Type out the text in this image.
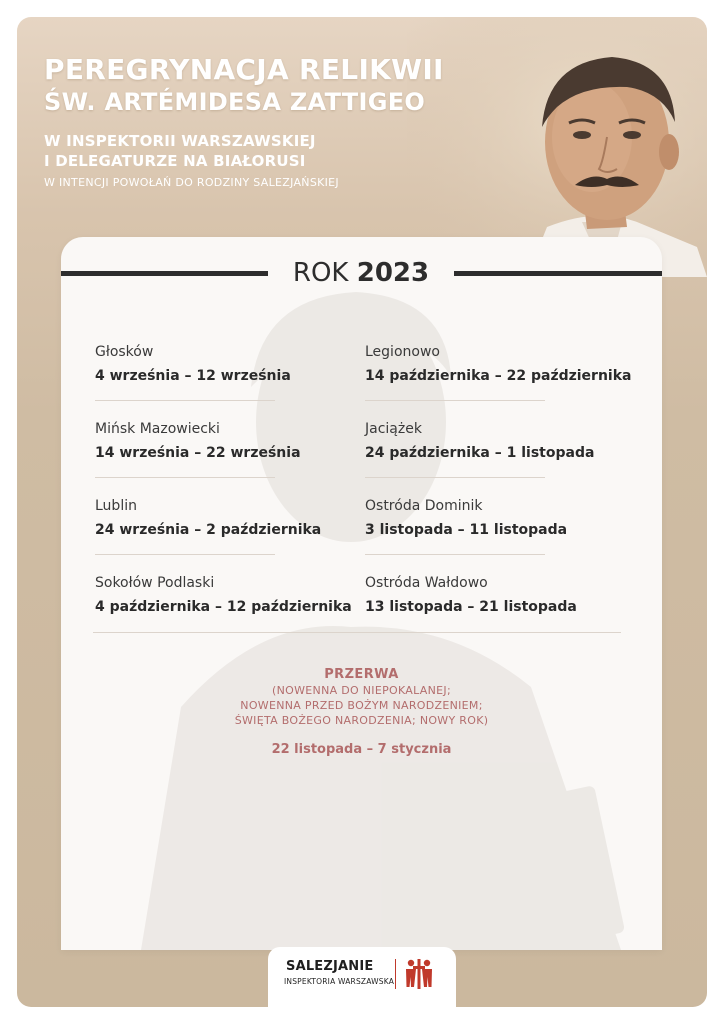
PEREGRYNACJA RELIKWII
ŚW. ARTÉMIDESA ZATTIGEO
W INSPEKTORII WARSZAWSKIEJ
I DELEGATURZE NA BIAŁORUSI
W INTENCJI POWOŁAŃ DO RODZINY SALEZJAŃSKIEJ
ROK 2023
Głosków
4 września – 12 września
Mińsk Mazowiecki
14 września – 22 września
Lublin
24 września – 2 października
Sokołów Podlaski
4 października – 12 października
Legionowo
14 października – 22 października
Jaciążek
24 października – 1 listopada
Ostróda Dominik
3 listopada – 11 listopada
Ostróda Wałdowo
13 listopada – 21 listopada
PRZERWA
(NOWENNA DO NIEPOKALANEJ;
NOWENNA PRZED BOŻYM NARODZENIEM;
ŚWIĘTA BOŻEGO NARODZENIA; NOWY ROK)
22 listopada – 7 stycznia
SALEZJANIE
INSPEKTORIA WARSZAWSKA
